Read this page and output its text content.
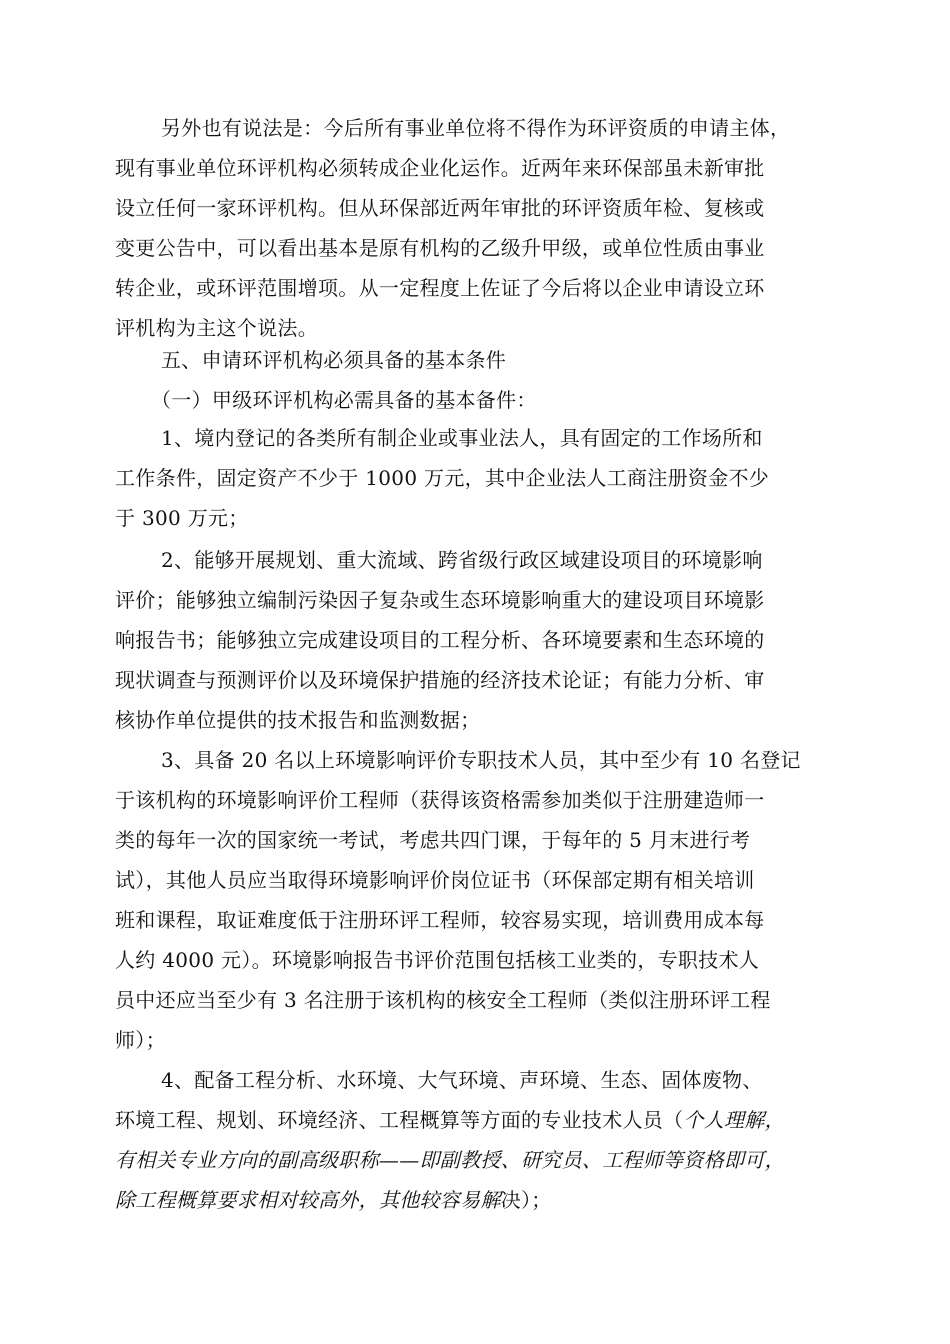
另外也有说法是：今后所有事业单位将不得作为环评资质的申请主体，
现有事业单位环评机构必须转成企业化运作。近两年来环保部虽未新审批
设立任何一家环评机构。但从环保部近两年审批的环评资质年检、复核或
变更公告中，可以看出基本是原有机构的乙级升甲级，或单位性质由事业
转企业，或环评范围增项。从一定程度上佐证了今后将以企业申请设立环
评机构为主这个说法。
五、申请环评机构必须具备的基本条件
（一）甲级环评机构必需具备的基本备件：
1、境内登记的各类所有制企业或事业法人，具有固定的工作场所和
工作条件，固定资产不少于 1000 万元，其中企业法人工商注册资金不少
于 300 万元；
2、能够开展规划、重大流域、跨省级行政区域建设项目的环境影响
评价；能够独立编制污染因子复杂或生态环境影响重大的建设项目环境影
响报告书；能够独立完成建设项目的工程分析、各环境要素和生态环境的
现状调查与预测评价以及环境保护措施的经济技术论证；有能力分析、审
核协作单位提供的技术报告和监测数据；
3、具备 20 名以上环境影响评价专职技术人员，其中至少有 10 名登记
于该机构的环境影响评价工程师（获得该资格需参加类似于注册建造师一
类的每年一次的国家统一考试，考虑共四门课，于每年的 5 月末进行考
试），其他人员应当取得环境影响评价岗位证书（环保部定期有相关培训
班和课程，取证难度低于注册环评工程师，较容易实现，培训费用成本每
人约 4000 元）。环境影响报告书评价范围包括核工业类的，专职技术人
员中还应当至少有 3 名注册于该机构的核安全工程师（类似注册环评工程
师）；
4、配备工程分析、水环境、大气环境、声环境、生态、固体废物、
环境工程、规划、环境经济、工程概算等方面的专业技术人员（个人理解，
有相关专业方向的副高级职称——即副教授、研究员、工程师等资格即可，
除工程概算要求相对较高外，其他较容易解决）；
